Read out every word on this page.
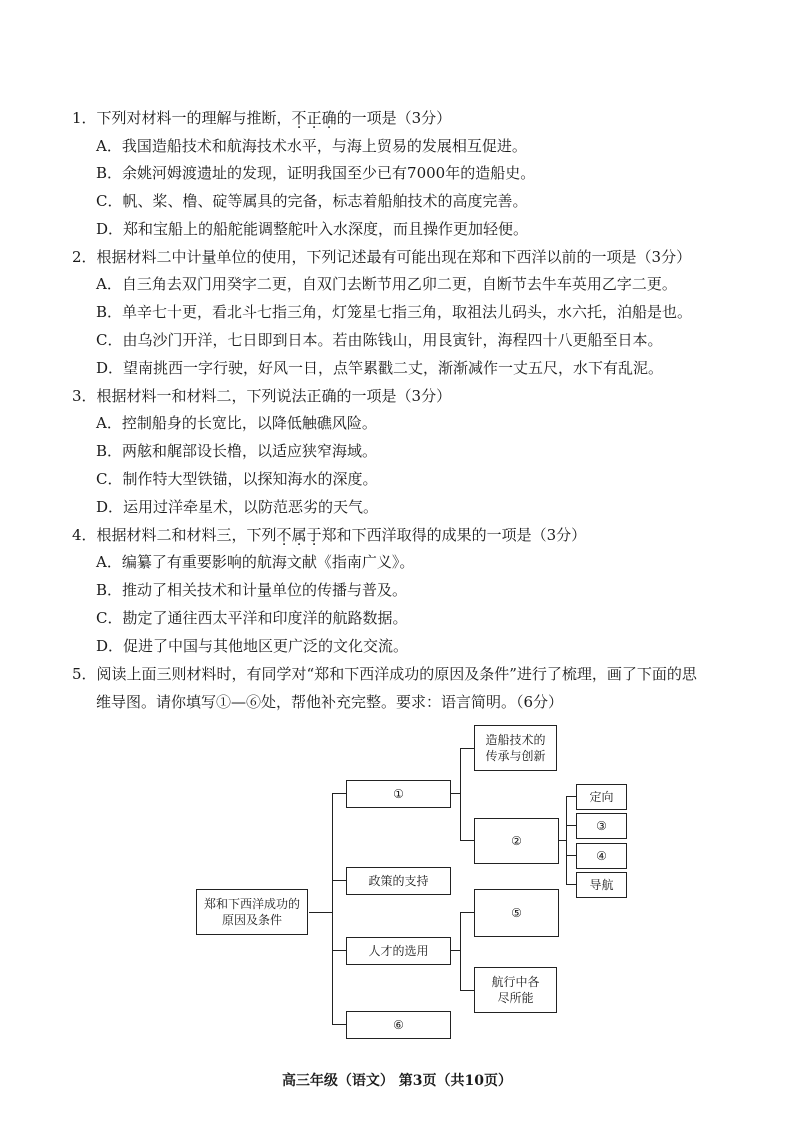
1．下列对材料一的理解与推断，不正确的一项是（3分）
A．我国造船技术和航海技术水平，与海上贸易的发展相互促进。
B．余姚河姆渡遗址的发现，证明我国至少已有7000年的造船史。
C．帆、桨、橹、碇等属具的完备，标志着船舶技术的高度完善。
D．郑和宝船上的船舵能调整舵叶入水深度，而且操作更加轻便。
2．根据材料二中计量单位的使用，下列记述最有可能出现在郑和下西洋以前的一项是（3分）
A．自三角去双门用癸字二更，自双门去断节用乙卯二更，自断节去牛车英用乙字二更。
B．单辛七十更，看北斗七指三角，灯笼星七指三角，取祖法儿码头，水六托，泊船是也。
C．由乌沙门开洋，七日即到日本。若由陈钱山，用艮寅针，海程四十八更船至日本。
D．望南挑西一字行驶，好风一日，点竿累戳二丈，渐渐减作一丈五尺，水下有乱泥。
3．根据材料一和材料二，下列说法正确的一项是（3分）
A．控制船身的长宽比，以降低触礁风险。
B．两舷和艉部设长橹，以适应狭窄海域。
C．制作特大型铁锚，以探知海水的深度。
D．运用过洋牵星术，以防范恶劣的天气。
4．根据材料二和材料三，下列不属于郑和下西洋取得的成果的一项是（3分）
A．编纂了有重要影响的航海文献《指南广义》。
B．推动了相关技术和计量单位的传播与普及。
C．勘定了通往西太平洋和印度洋的航路数据。
D．促进了中国与其他地区更广泛的文化交流。
5．阅读上面三则材料时，有同学对“郑和下西洋成功的原因及条件”进行了梳理，画了下面的思
维导图。请你填写①—⑥处，帮他补充完整。要求：语言简明。（6分）
郑和下西洋成功的原因及条件
①
政策的支持
人才的选用
⑥
造船技术的传承与创新
②
⑤
航行中各尽所能
定向
③
④
导航
高三年级（语文） 第3页（共10页）
